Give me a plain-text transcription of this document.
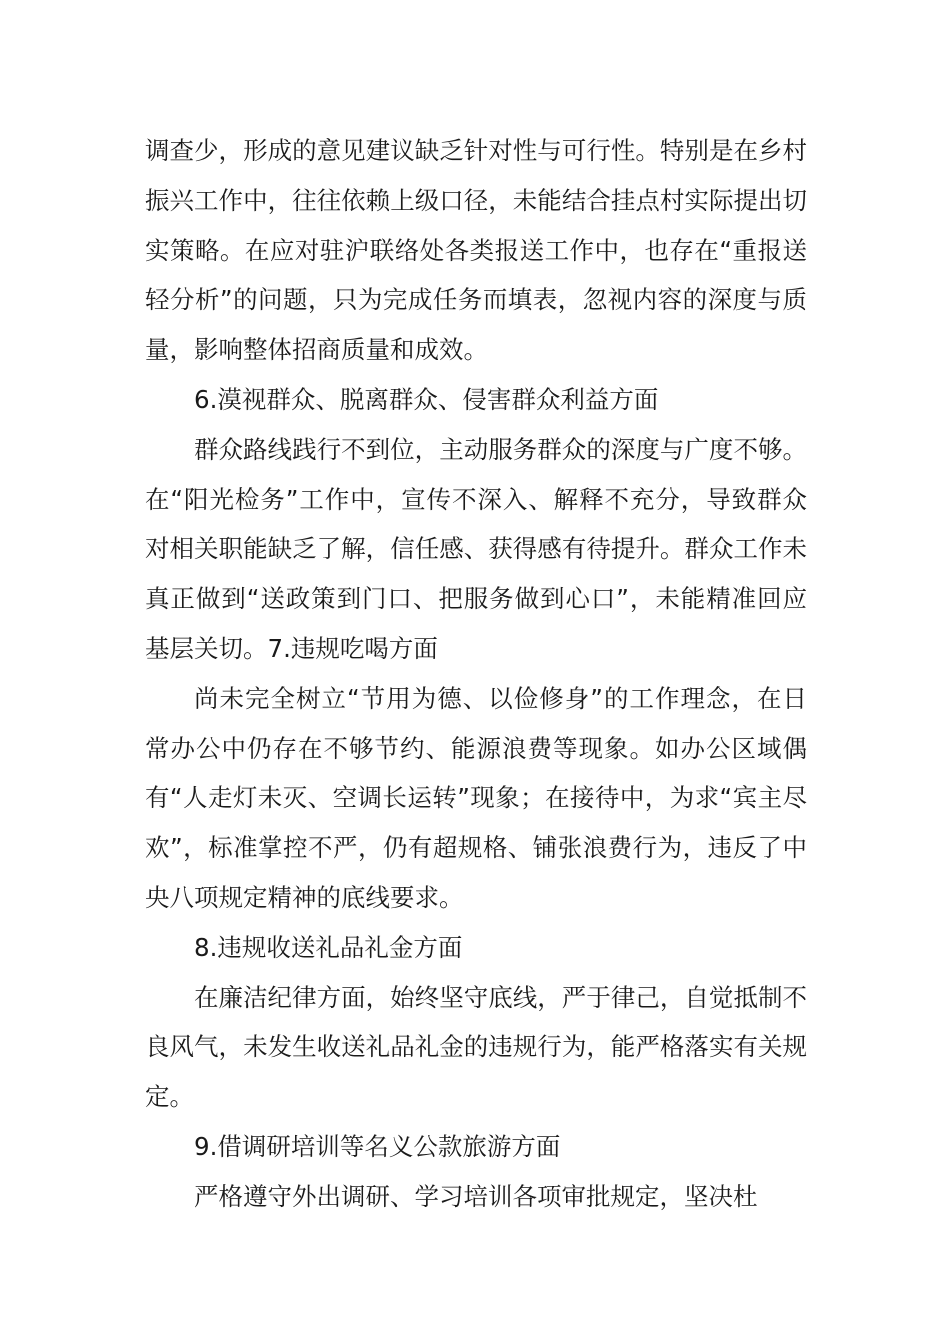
调查少，形成的意见建议缺乏针对性与可行性。特别是在乡村振兴工作中，往往依赖上级口径，未能结合挂点村实际提出切实策略。在应对驻沪联络处各类报送工作中，也存在“重报送轻分析”的问题，只为完成任务而填表，忽视内容的深度与质量，影响整体招商质量和成效。

6.漠视群众、脱离群众、侵害群众利益方面

群众路线践行不到位，主动服务群众的深度与广度不够。在“阳光检务”工作中，宣传不深入、解释不充分，导致群众对相关职能缺乏了解，信任感、获得感有待提升。群众工作未真正做到“送政策到门口、把服务做到心口”，未能精准回应基层关切。7.违规吃喝方面

尚未完全树立“节用为德、以俭修身”的工作理念，在日常办公中仍存在不够节约、能源浪费等现象。如办公区域偶有“人走灯未灭、空调长运转”现象；在接待中，为求“宾主尽欢”，标准掌控不严，仍有超规格、铺张浪费行为，违反了中央八项规定精神的底线要求。

8.违规收送礼品礼金方面

在廉洁纪律方面，始终坚守底线，严于律己，自觉抵制不良风气，未发生收送礼品礼金的违规行为，能严格落实有关规定。

9.借调研培训等名义公款旅游方面

严格遵守外出调研、学习培训各项审批规定，坚决杜
